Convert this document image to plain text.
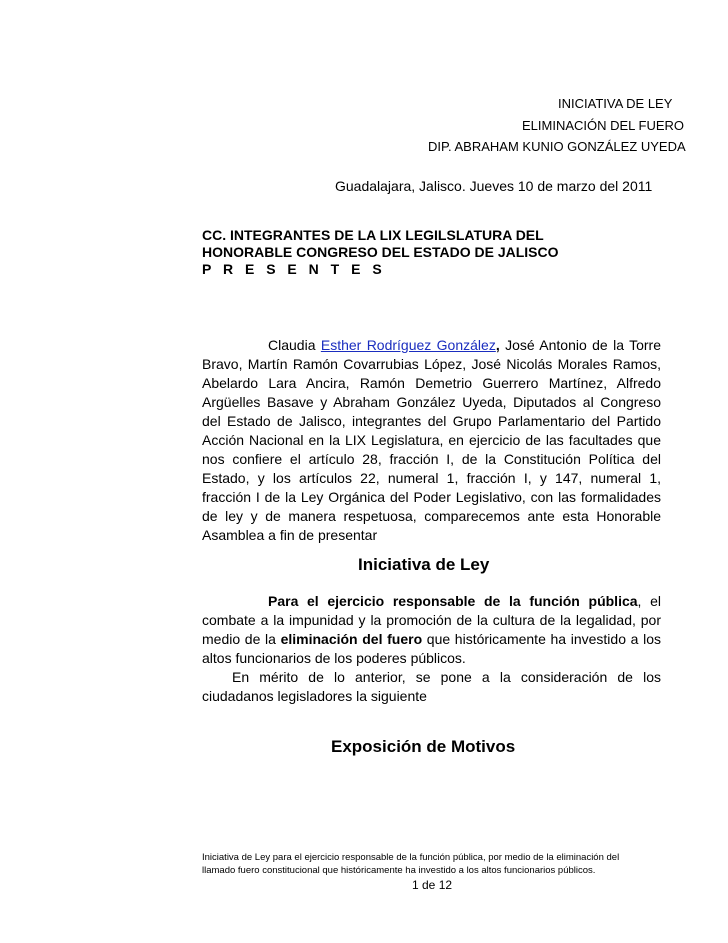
INICIATIVA DE LEY
ELIMINACIÓN DEL FUERO
DIP. ABRAHAM KUNIO GONZÁLEZ UYEDA
Guadalajara, Jalisco. Jueves 10 de marzo del 2011
CC. INTEGRANTES DE LA LIX LEGILSLATURA DEL
HONORABLE CONGRESO DEL ESTADO DE JALISCO
P R E S E N T E S
Claudia Esther Rodríguez González, José Antonio de la Torre Bravo, Martín Ramón Covarrubias López, José Nicolás Morales Ramos, Abelardo Lara Ancira, Ramón Demetrio Guerrero Martínez, Alfredo Argüelles Basave y Abraham González Uyeda, Diputados al Congreso del Estado de Jalisco, integrantes del Grupo Parlamentario del Partido Acción Nacional en la LIX Legislatura, en ejercicio de las facultades que nos confiere el artículo 28, fracción I, de la Constitución Política del Estado, y los artículos 22, numeral 1, fracción I, y 147, numeral 1, fracción I de la Ley Orgánica del Poder Legislativo, con las formalidades de ley y de manera respetuosa, comparecemos ante esta Honorable Asamblea a fin de presentar
Iniciativa de Ley
Para el ejercicio responsable de la función pública, el combate a la impunidad y la promoción de la cultura de la legalidad, por medio de la eliminación del fuero que históricamente ha investido a los altos funcionarios de los poderes públicos.
En mérito de lo anterior, se pone a la consideración de los ciudadanos legisladores la siguiente
Exposición de Motivos
Iniciativa de Ley para el ejercicio responsable de la función pública, por medio de la eliminación del
llamado fuero constitucional que históricamente ha investido a los altos funcionarios públicos.
1 de 12
